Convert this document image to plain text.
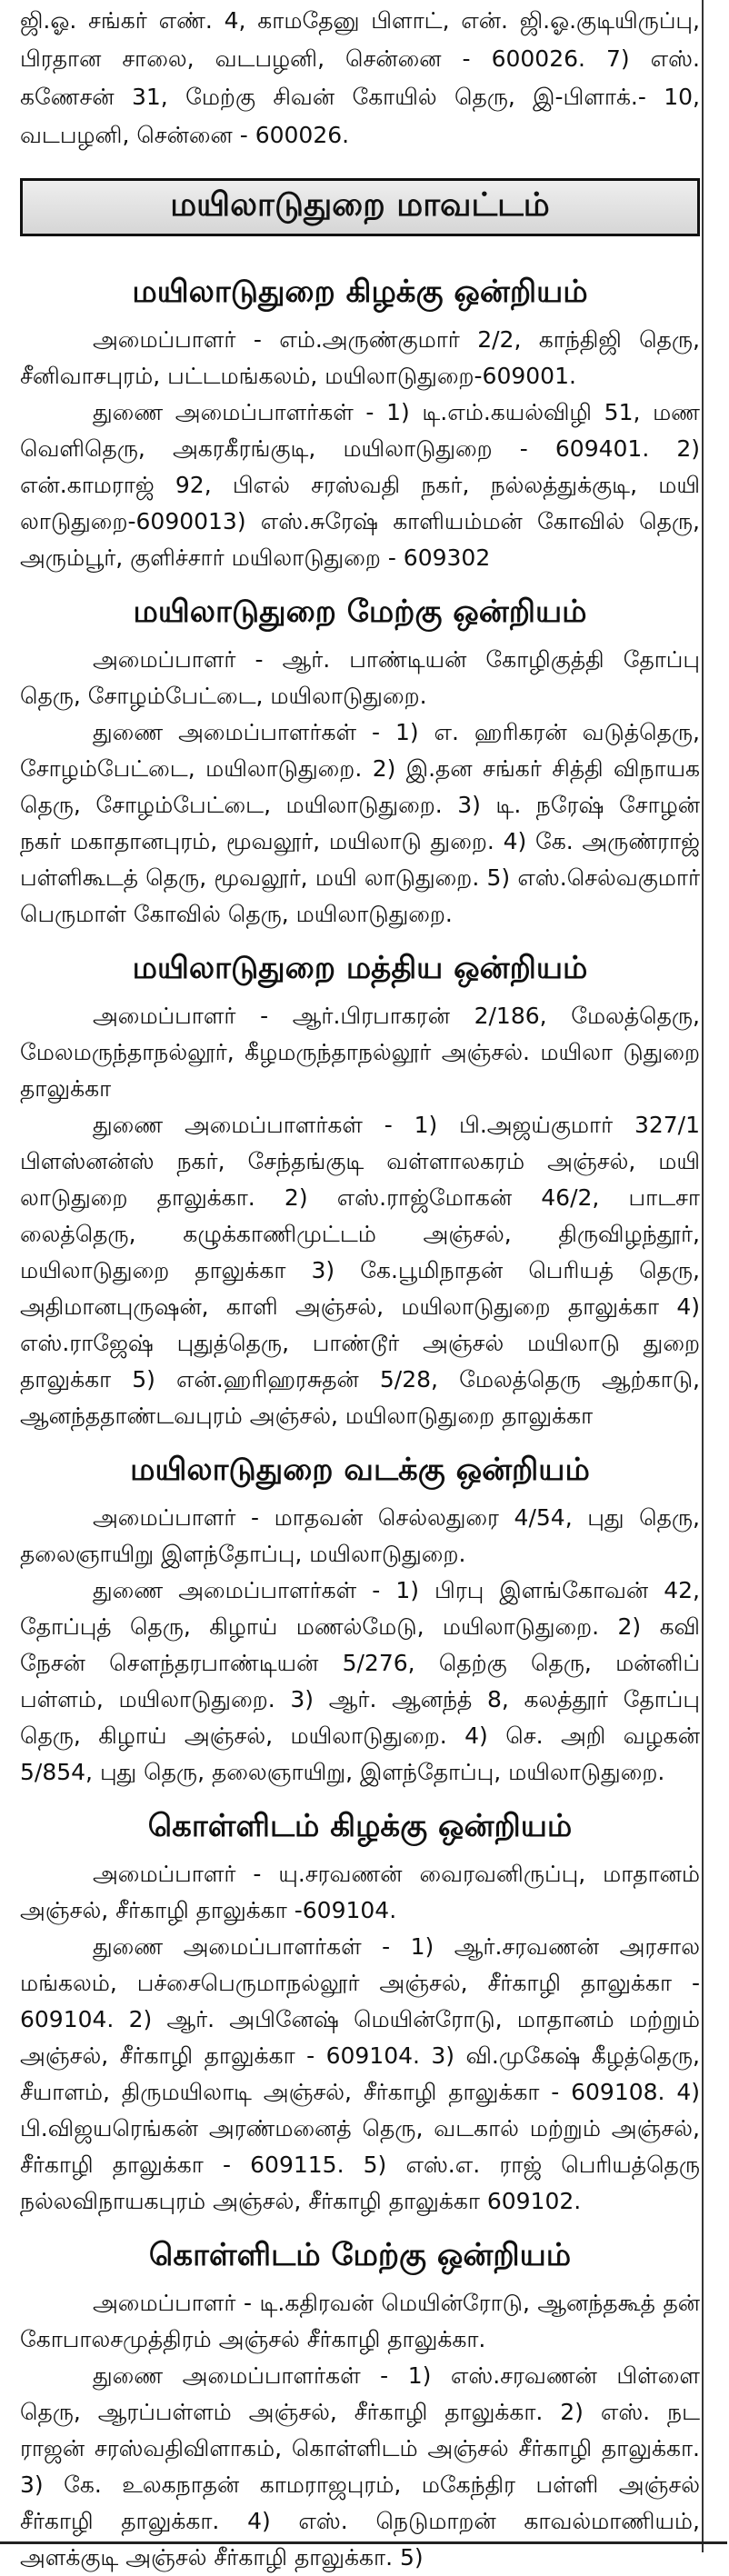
ஜி.ஓ. சங்கர் எண். 4, காமதேனு பிளாட், என். ஜி.ஓ.குடியிருப்பு, பிரதான சாலை, வடபழனி, சென்னை - 600026. 7) எஸ். கணேசன் 31, மேற்கு சிவன் கோயில் தெரு, இ-பிளாக்.- 10, வடபழனி, சென்னை - 600026.

மயிலாடுதுறை மாவட்டம்
மயிலாடுதுறை கிழக்கு ஒன்றியம்

அமைப்பாளர் - எம்.அருண்குமார் 2/2, காந்திஜி தெரு, சீனிவாசபுரம், பட்டமங்கலம், மயிலாடுதுறை-609001.

துணை அமைப்பாளர்கள் - 1) டி.எம்.கயல்விழி 51, மண வெளிதெரு, அகரகீரங்குடி, மயிலாடுதுறை - 609401. 2) என்.காமராஜ் 92, பிஎல் சரஸ்வதி நகர், நல்லத்துக்குடி, மயி லாடுதுறை-6090013) எஸ்.சுரேஷ் காளியம்மன் கோவில் தெரு, அரும்பூர், குளிச்சார் மயிலாடுதுறை - 609302

மயிலாடுதுறை மேற்கு ஒன்றியம்

அமைப்பாளர் - ஆர். பாண்டியன் கோழிகுத்தி தோப்பு தெரு, சோழம்பேட்டை, மயிலாடுதுறை.

துணை அமைப்பாளர்கள் - 1) எ. ஹரிகரன் வடுத்தெரு, சோழம்பேட்டை, மயிலாடுதுறை. 2) இ.தன சங்கர் சித்தி விநாயக தெரு, சோழம்பேட்டை, மயிலாடுதுறை. 3) டி. நரேஷ் சோழன் நகர் மகாதானபுரம், மூவலூர், மயிலாடு துறை. 4) கே. அருண்ராஜ் பள்ளிகூடத் தெரு, மூவலூர், மயி லாடுதுறை. 5) எஸ்.செல்வகுமார் பெருமாள் கோவில் தெரு, மயிலாடுதுறை.

மயிலாடுதுறை மத்திய ஒன்றியம்

அமைப்பாளர் - ஆர்.பிரபாகரன் 2/186, மேலத்தெரு, மேலமருந்தாநல்லூர், கீழமருந்தாநல்லூர் அஞ்சல். மயிலா டுதுறை தாலுக்கா

துணை அமைப்பாளர்கள் - 1) பி.அஜய்குமார் 327/1 பிளஸ்னன்ஸ் நகர், சேந்தங்குடி வள்ளாலகரம் அஞ்சல், மயி லாடுதுறை தாலுக்கா. 2) எஸ்.ராஜ்மோகன் 46/2, பாடசா லைத்தெரு, கழுக்காணிமுட்டம் அஞ்சல், திருவிழந்தூர், மயிலாடுதுறை தாலுக்கா 3) கே.பூமிநாதன் பெரியத் தெரு, அதிமானபுருஷன், காளி அஞ்சல், மயிலாடுதுறை தாலுக்கா 4) எஸ்.ராஜேஷ் புதுத்தெரு, பாண்டூர் அஞ்சல் மயிலாடு துறை தாலுக்கா 5) என்.ஹரிஹரசுதன் 5/28, மேலத்தெரு ஆற்காடு, ஆனந்ததாண்டவபுரம் அஞ்சல், மயிலாடுதுறை தாலுக்கா

மயிலாடுதுறை வடக்கு ஒன்றியம்

அமைப்பாளர் - மாதவன் செல்லதுரை 4/54, புது தெரு, தலைஞாயிறு இளந்தோப்பு, மயிலாடுதுறை.

துணை அமைப்பாளர்கள் - 1) பிரபு இளங்கோவன் 42, தோப்புத் தெரு, கிழாய் மணல்மேடு, மயிலாடுதுறை. 2) கவி நேசன் சௌந்தரபாண்டியன் 5/276, தெற்கு தெரு, மன்னிப் பள்ளம், மயிலாடுதுறை. 3) ஆர். ஆனந்த் 8, கலத்தூர் தோப்பு தெரு, கிழாய் அஞ்சல், மயிலாடுதுறை. 4) செ. அறி வழகன் 5/854, புது தெரு, தலைஞாயிறு, இளந்தோப்பு, மயிலாடுதுறை.

கொள்ளிடம் கிழக்கு ஒன்றியம்

அமைப்பாளர் - யு.சரவணன் வைரவனிருப்பு, மாதானம் அஞ்சல், சீர்காழி தாலுக்கா -609104.

துணை அமைப்பாளர்கள் - 1) ஆர்.சரவணன் அரசால மங்கலம், பச்சைபெருமாநல்லூர் அஞ்சல், சீர்காழி தாலுக்கா - 609104. 2) ஆர். அபினேஷ் மெயின்ரோடு, மாதானம் மற்றும் அஞ்சல், சீர்காழி தாலுக்கா - 609104. 3) வி.முகேஷ் கீழத்தெரு, சீயாளம், திருமயிலாடி அஞ்சல், சீர்காழி தாலுக்கா - 609108. 4) பி.விஜயரெங்கன் அரண்மனைத் தெரு, வடகால் மற்றும் அஞ்சல், சீர்காழி தாலுக்கா - 609115. 5) எஸ்.எ. ராஜ் பெரியத்தெரு நல்லவிநாயகபுரம் அஞ்சல், சீர்காழி தாலுக்கா 609102.

கொள்ளிடம் மேற்கு ஒன்றியம்

அமைப்பாளர் - டி.கதிரவன் மெயின்ரோடு, ஆனந்தகூத் தன் கோபாலசமுத்திரம் அஞ்சல் சீர்காழி தாலுக்கா.

துணை அமைப்பாளர்கள் - 1) எஸ்.சரவணன் பிள்ளை தெரு, ஆரப்பள்ளம் அஞ்சல், சீர்காழி தாலுக்கா. 2) எஸ். நட ராஜன் சரஸ்வதிவிளாகம், கொள்ளிடம் அஞ்சல் சீர்காழி தாலுக்கா. 3) கே. உலகநாதன் காமராஜபுரம், மகேந்திர பள்ளி அஞ்சல் சீர்காழி தாலுக்கா. 4) எஸ். நெடுமாறன் காவல்மாணியம், அளக்குடி அஞ்சல் சீர்காழி தாலுக்கா. 5)
